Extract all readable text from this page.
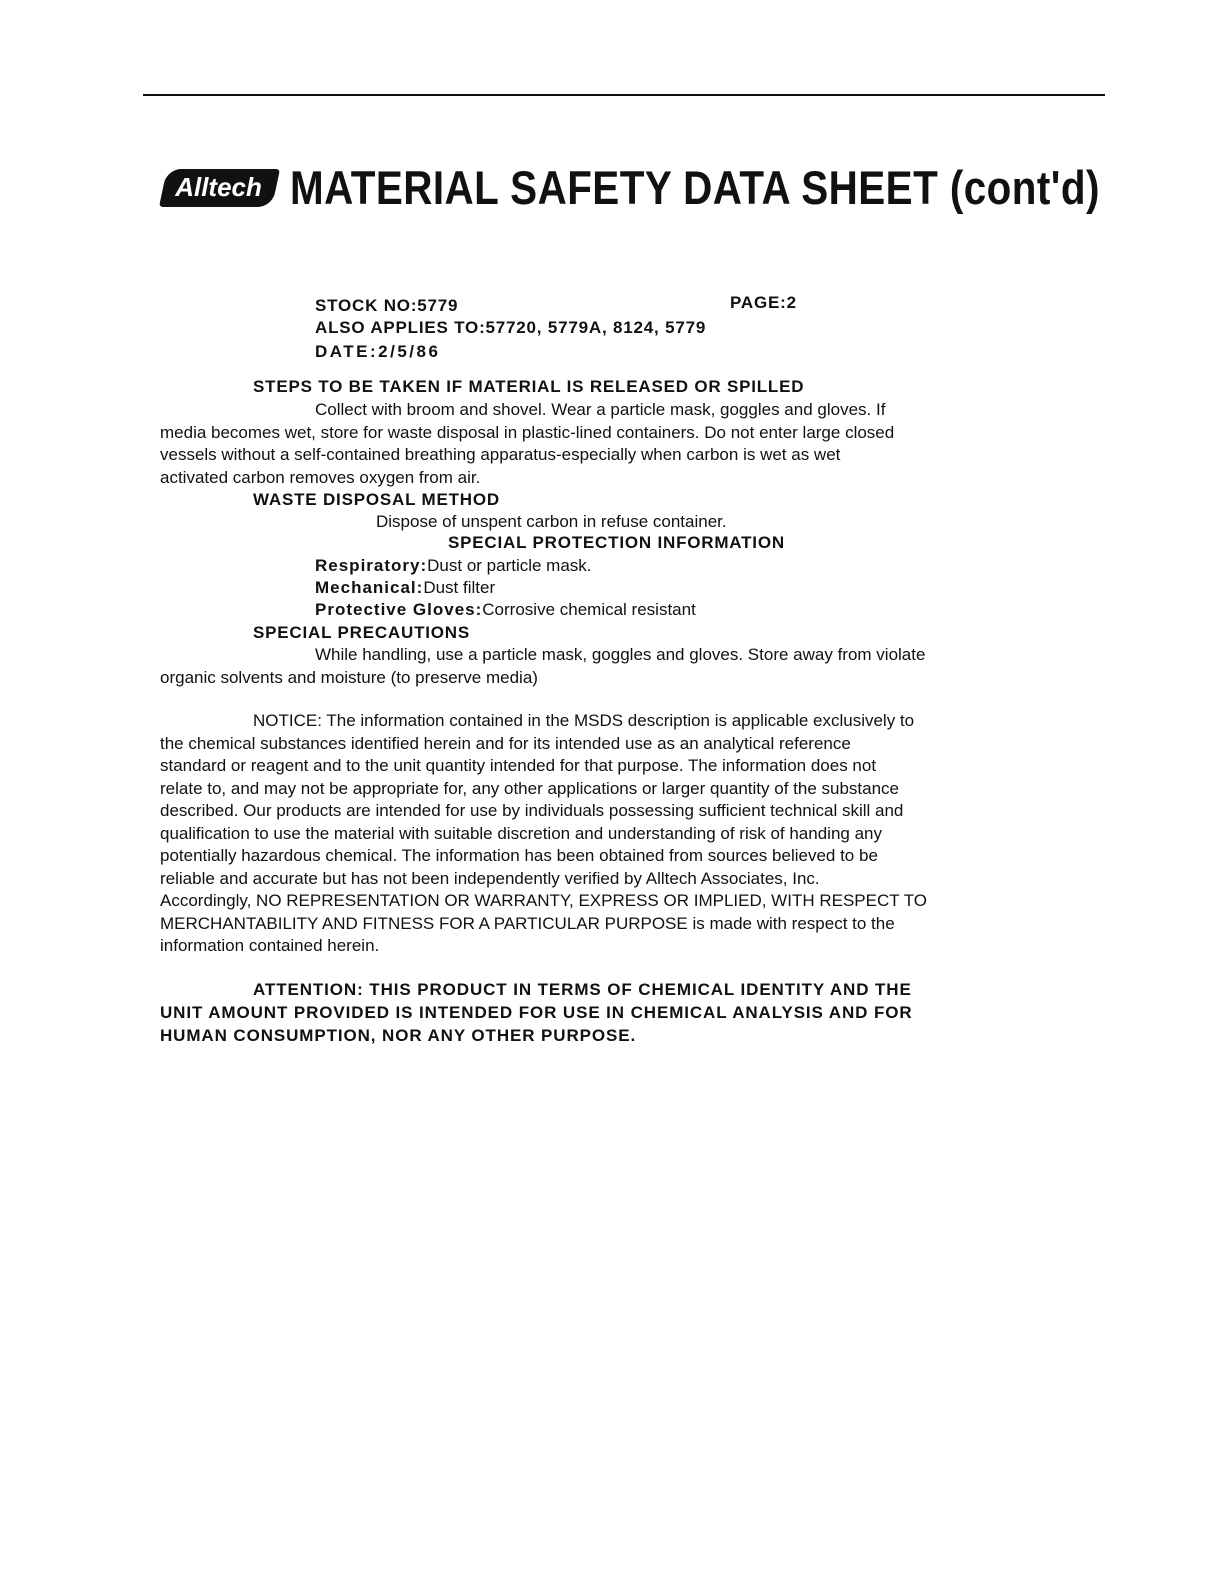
Alltech MATERIAL SAFETY DATA SHEET (cont'd)
STOCK NO:5779	PAGE:2
ALSO APPLIES TO:57720, 5779A, 8124, 5779
DATE:2/5/86
STEPS TO BE TAKEN IF MATERIAL IS RELEASED OR SPILLED
Collect with broom and shovel. Wear a particle mask, goggles and gloves. If
media becomes wet, store for waste disposal in plastic-lined containers. Do not enter large closed
vessels without a self-contained breathing apparatus-especially when carbon is wet as wet
activated carbon removes oxygen from air.
WASTE DISPOSAL METHOD
Dispose of unspent carbon in refuse container.
SPECIAL PROTECTION INFORMATION
Respiratory:Dust or particle mask.
Mechanical:Dust filter
Protective Gloves:Corrosive chemical resistant
SPECIAL PRECAUTIONS
While handling, use a particle mask, goggles and gloves. Store away from violate
organic solvents and moisture (to preserve media)
NOTICE: The information contained in the MSDS description is applicable exclusively to
the chemical substances identified herein and for its intended use as an analytical reference
standard or reagent and to the unit quantity intended for that purpose. The information does not
relate to, and may not be appropriate for, any other applications or larger quantity of the substance
described. Our products are intended for use by individuals possessing sufficient technical skill and
qualification to use the material with suitable discretion and understanding of risk of handing any
potentially hazardous chemical. The information has been obtained from sources believed to be
reliable and accurate but has not been independently verified by Alltech Associates, Inc.
Accordingly, NO REPRESENTATION OR WARRANTY, EXPRESS OR IMPLIED, WITH RESPECT TO
MERCHANTABILITY AND FITNESS FOR A PARTICULAR PURPOSE is made with respect to the
information contained herein.
ATTENTION: THIS PRODUCT IN TERMS OF CHEMICAL IDENTITY AND THE
UNIT AMOUNT PROVIDED IS INTENDED FOR USE IN CHEMICAL ANALYSIS AND FOR
HUMAN CONSUMPTION, NOR ANY OTHER PURPOSE.
